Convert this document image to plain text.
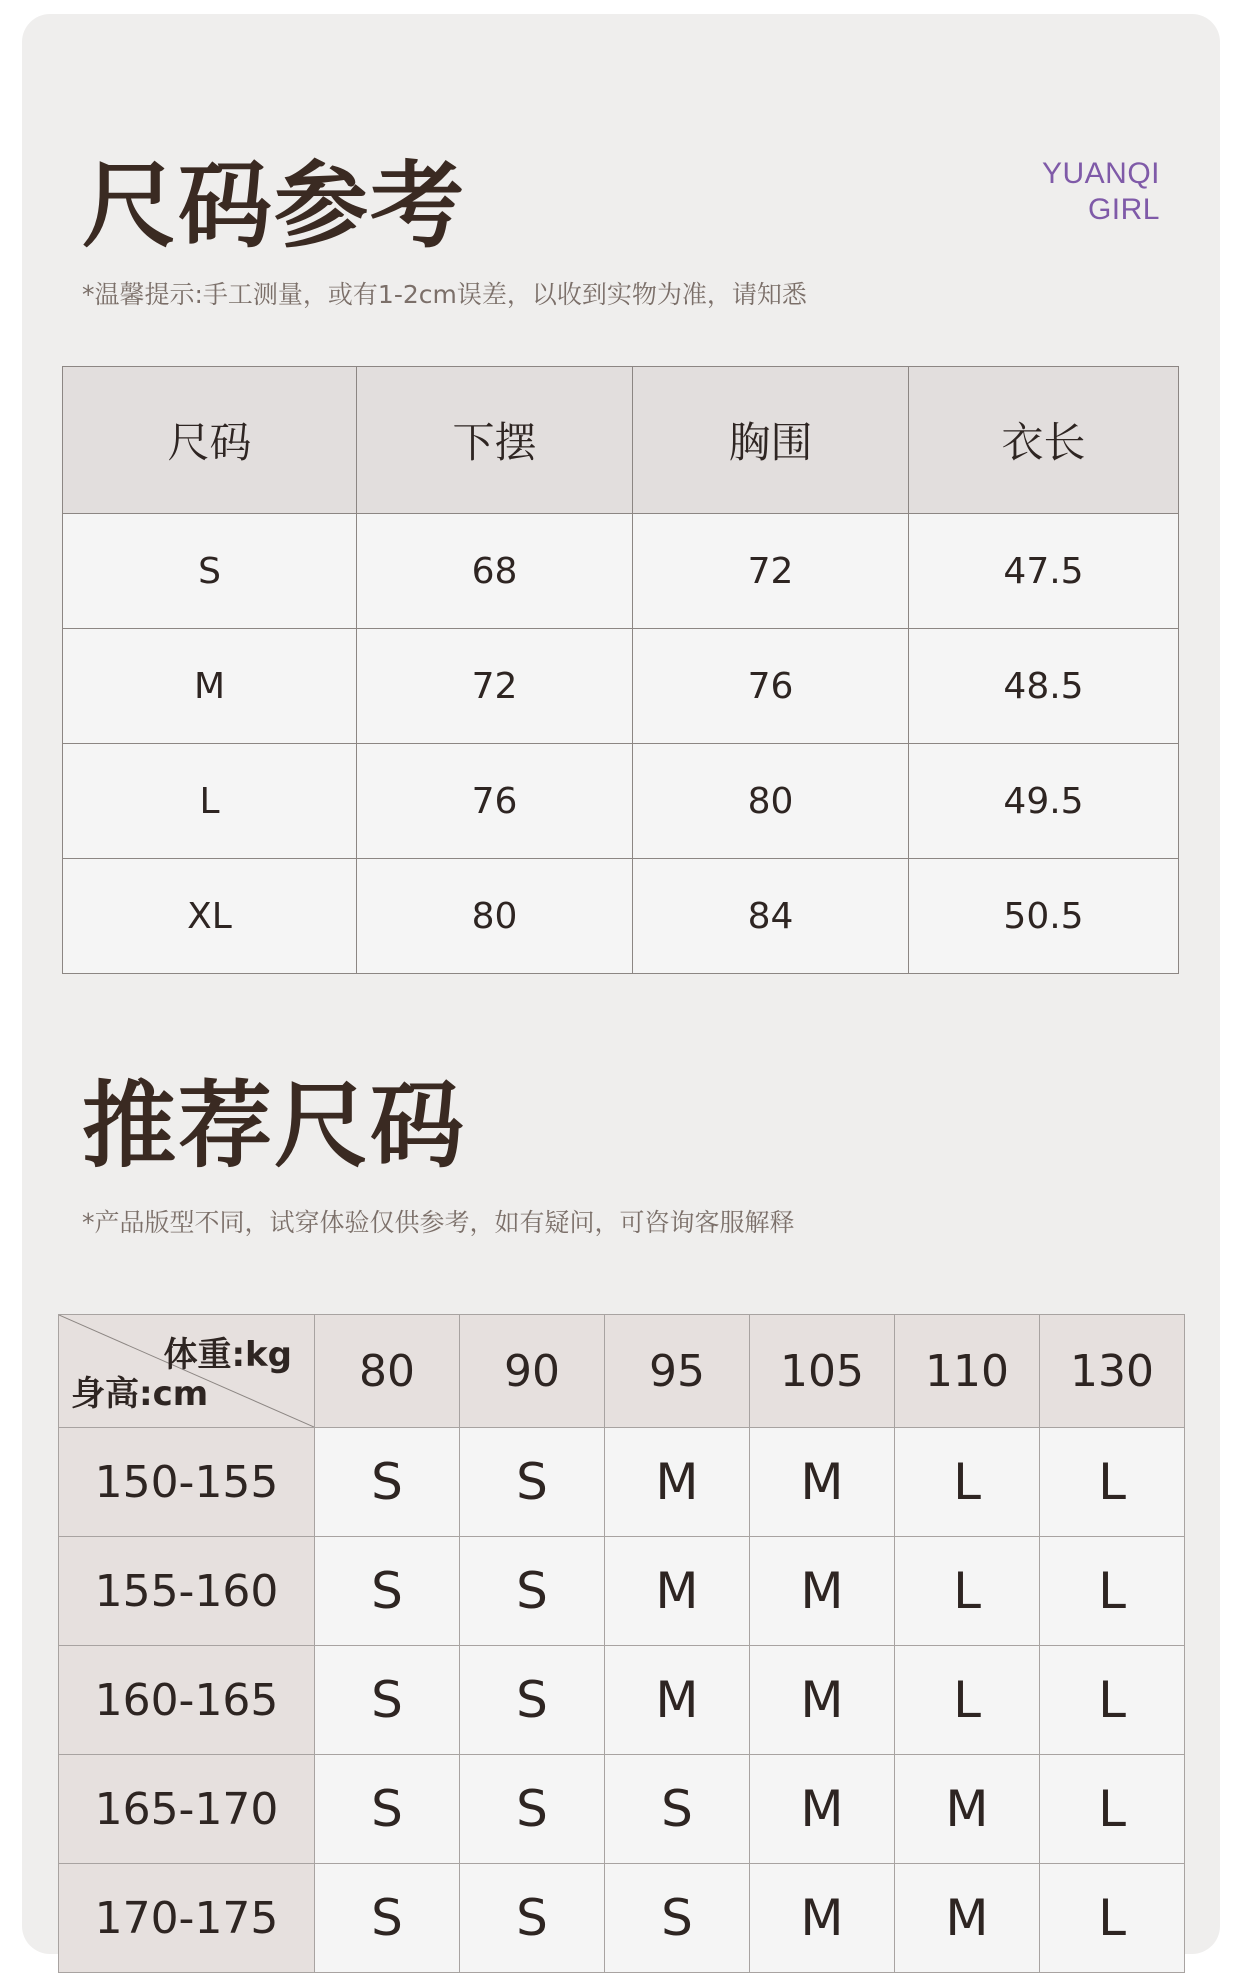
尺码参考	YUANQI
GIRL
*温馨提示:手工测量，或有1-2cm误差，以收到实物为准，请知悉
尺码	下摆	胸围	衣长
S	68	72	47.5
M	72	76	48.5
L	76	80	49.5
XL	80	84	50.5
推荐尺码
*产品版型不同，试穿体验仅供参考，如有疑问，可咨询客服解释
体重:kg
身高:cm	80	90	95	105	110	130
150-155	S	S	M	M	L	L
155-160	S	S	M	M	L	L
160-165	S	S	M	M	L	L
165-170	S	S	S	M	M	L
170-175	S	S	S	M	M	L
